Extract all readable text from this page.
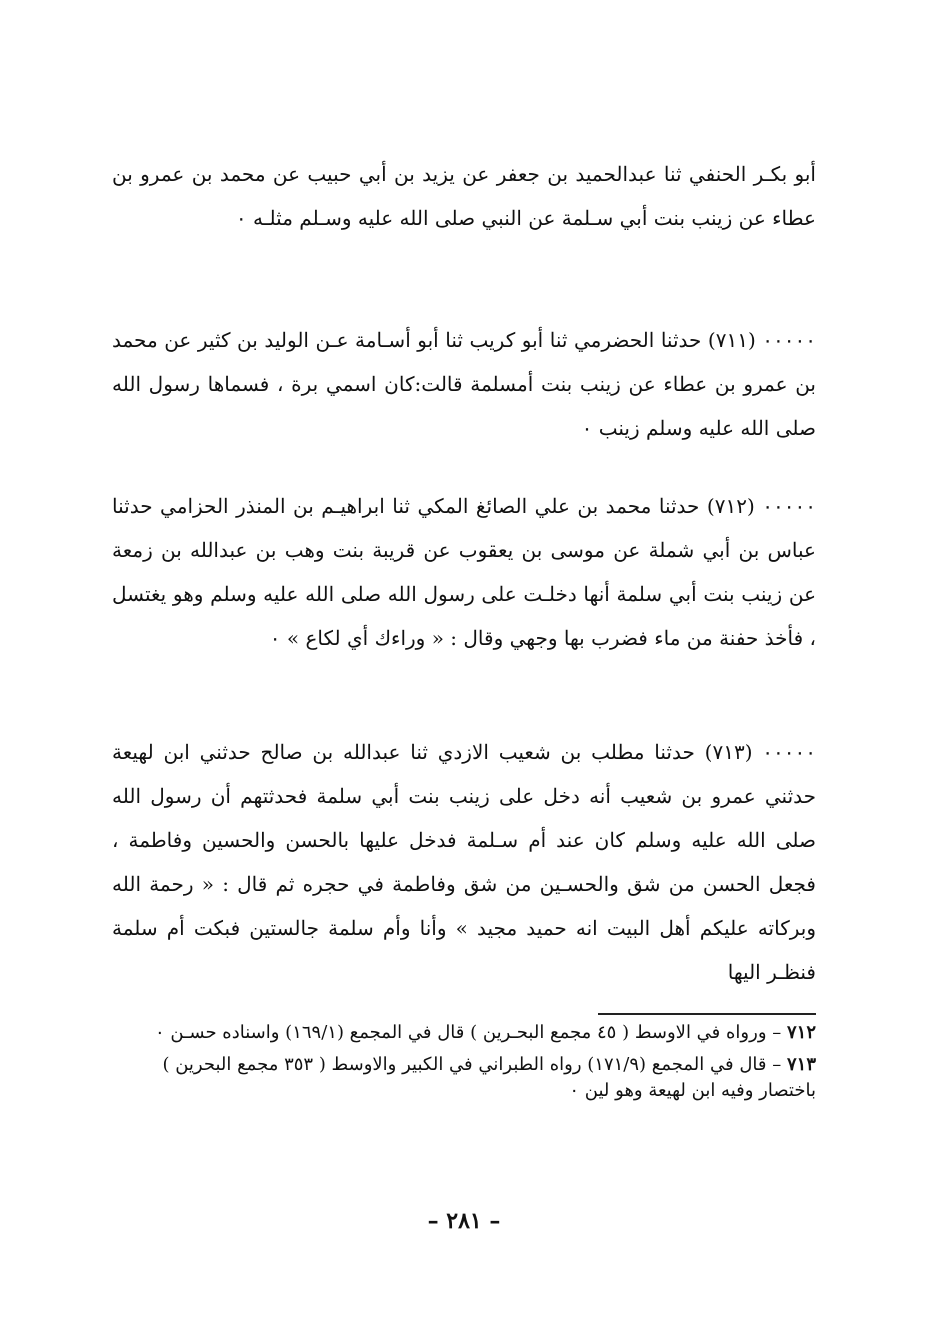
أبو بكـر الحنفي ثنا عبدالحميد بن جعفر عن يزيد بن أبي حبيب عن محمد بن عمرو بن عطاء عن زينب بنت أبي سـلمة عن النبي صلى الله عليه وسـلم مثلـه ٠

٠٠٠٠٠ (٧١١) حدثنا الحضرمي ثنا أبو كريب ثنا أبو أسـامة عـن الوليد بن كثير عن محمد بن عمرو بن عطاء عن زينب بنت أمسلمة قالت:كان اسمي برة ، فسماها رسول الله صلى الله عليه وسلم زينب ٠

٠٠٠٠٠ (٧١٢) حدثنا محمد بن علي الصائغ المكي ثنا ابراهيـم بن المنذر الحزامي حدثنا عباس بن أبي شملة عن موسى بن يعقوب عن قريبة بنت وهب بن عبدالله بن زمعة عن زينب بنت أبي سلمة أنها دخلـت على رسول الله صلى الله عليه وسلم وهو يغتسل ، فأخذ حفنة من ماء فضرب بها وجهي وقال : « وراءك أي لكاع » ٠

٠٠٠٠٠ (٧١٣) حدثنا مطلب بن شعيب الازدي ثنا عبدالله بن صالح حدثني ابن لهيعة حدثني عمرو بن شعيب أنه دخل على زينب بنت أبي سلمة فحدثتهم أن رسول الله صلى الله عليه وسلم كان عند أم سـلمة فدخل عليها بالحسن والحسين وفاطمة ، فجعل الحسن من شق والحسـين من شق وفاطمة في حجره ثم قال : « رحمة الله وبركاته عليكم أهل البيت انه حميد مجيد » وأنا وأم سلمة جالستين فبكت أم سلمة فنظـر اليها

٧١٢ – ورواه في الاوسط ( ٤٥ مجمع البحـرين ) قال في المجمع (١٦٩/١) واسناده حسـن ٠

٧١٣ – قال في المجمع (١٧١/٩) رواه الطبراني في الكبير والاوسط ( ٣٥٣ مجمع البحرين ) باختصار وفيه ابن لهيعة وهو لين ٠

– ٢٨١ –
